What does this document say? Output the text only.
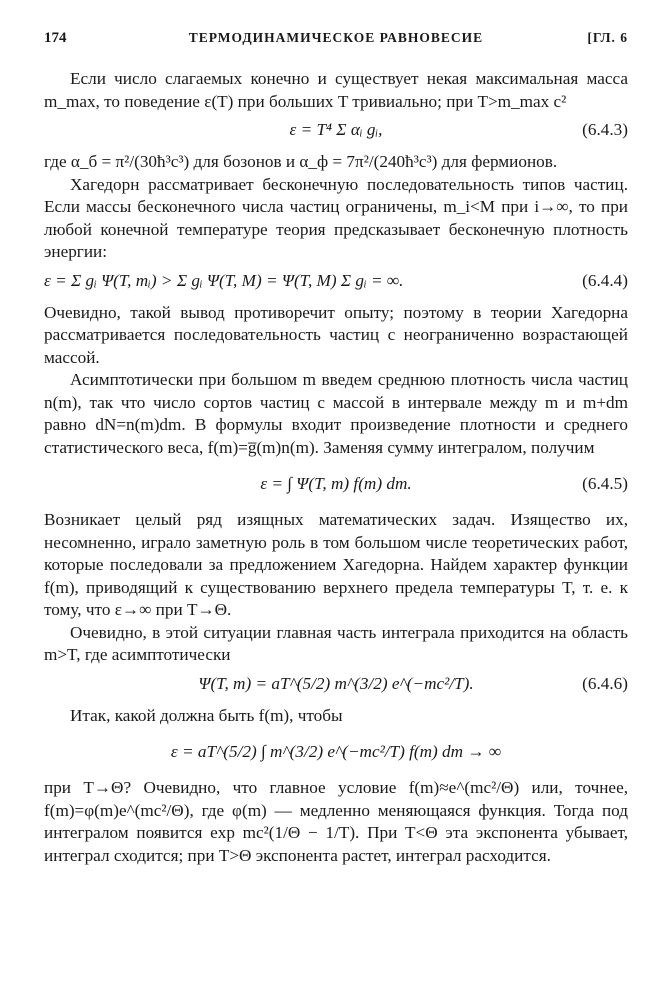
174	ТЕРМОДИНАМИЧЕСКОЕ РАВНОВЕСИЕ	[ГЛ. 6

Если число слагаемых конечно и существует некая максимальная масса m_max, то поведение ε(T) при больших T тривиально; при T>m_max c²

ε = T⁴ Σ αᵢ gᵢ,	(6.4.3)

где α_б = π²/(30ħ³c³) для бозонов и α_ф = 7π²/(240ħ³c³) для фермионов.

Хагедорн рассматривает бесконечную последовательность типов частиц. Если массы бесконечного числа частиц ограничены, m_i<M при i→∞, то при любой конечной температуре теория предсказывает бесконечную плотность энергии:

ε = Σ gᵢ Ψ(T, mᵢ) > Σ gᵢ Ψ(T, M) = Ψ(T, M) Σ gᵢ = ∞.	(6.4.4)

Очевидно, такой вывод противоречит опыту; поэтому в теории Хагедорна рассматривается последовательность частиц с неограниченно возрастающей массой.

Асимптотически при большом m введем среднюю плотность числа частиц n(m), так что число сортов частиц с массой в интервале между m и m+dm равно dN=n(m)dm. В формулы входит произведение плотности и среднего статистического веса, f(m)=g̅(m)n(m). Заменяя сумму интегралом, получим

ε = ∫ Ψ(T, m) f(m) dm.	(6.4.5)

Возникает целый ряд изящных математических задач. Изящество их, несомненно, играло заметную роль в том большом числе теоретических работ, которые последовали за предложением Хагедорна. Найдем характер функции f(m), приводящий к существованию верхнего предела температуры T, т. е. к тому, что ε→∞ при T→Θ.

Очевидно, в этой ситуации главная часть интеграла приходится на область m>T, где асимптотически

Ψ(T, m) = aT^(5/2) m^(3/2) e^(−mc²/T).	(6.4.6)

Итак, какой должна быть f(m), чтобы

ε = aT^(5/2) ∫ m^(3/2) e^(−mc²/T) f(m) dm → ∞

при T→Θ? Очевидно, что главное условие f(m)≈e^(mc²/Θ) или, точнее, f(m)=φ(m)e^(mc²/Θ), где φ(m) — медленно меняющаяся функция. Тогда под интегралом появится exp mc²(1/Θ − 1/T). При T<Θ эта экспонента убывает, интеграл сходится; при T>Θ экспонента растет, интеграл расходится.
